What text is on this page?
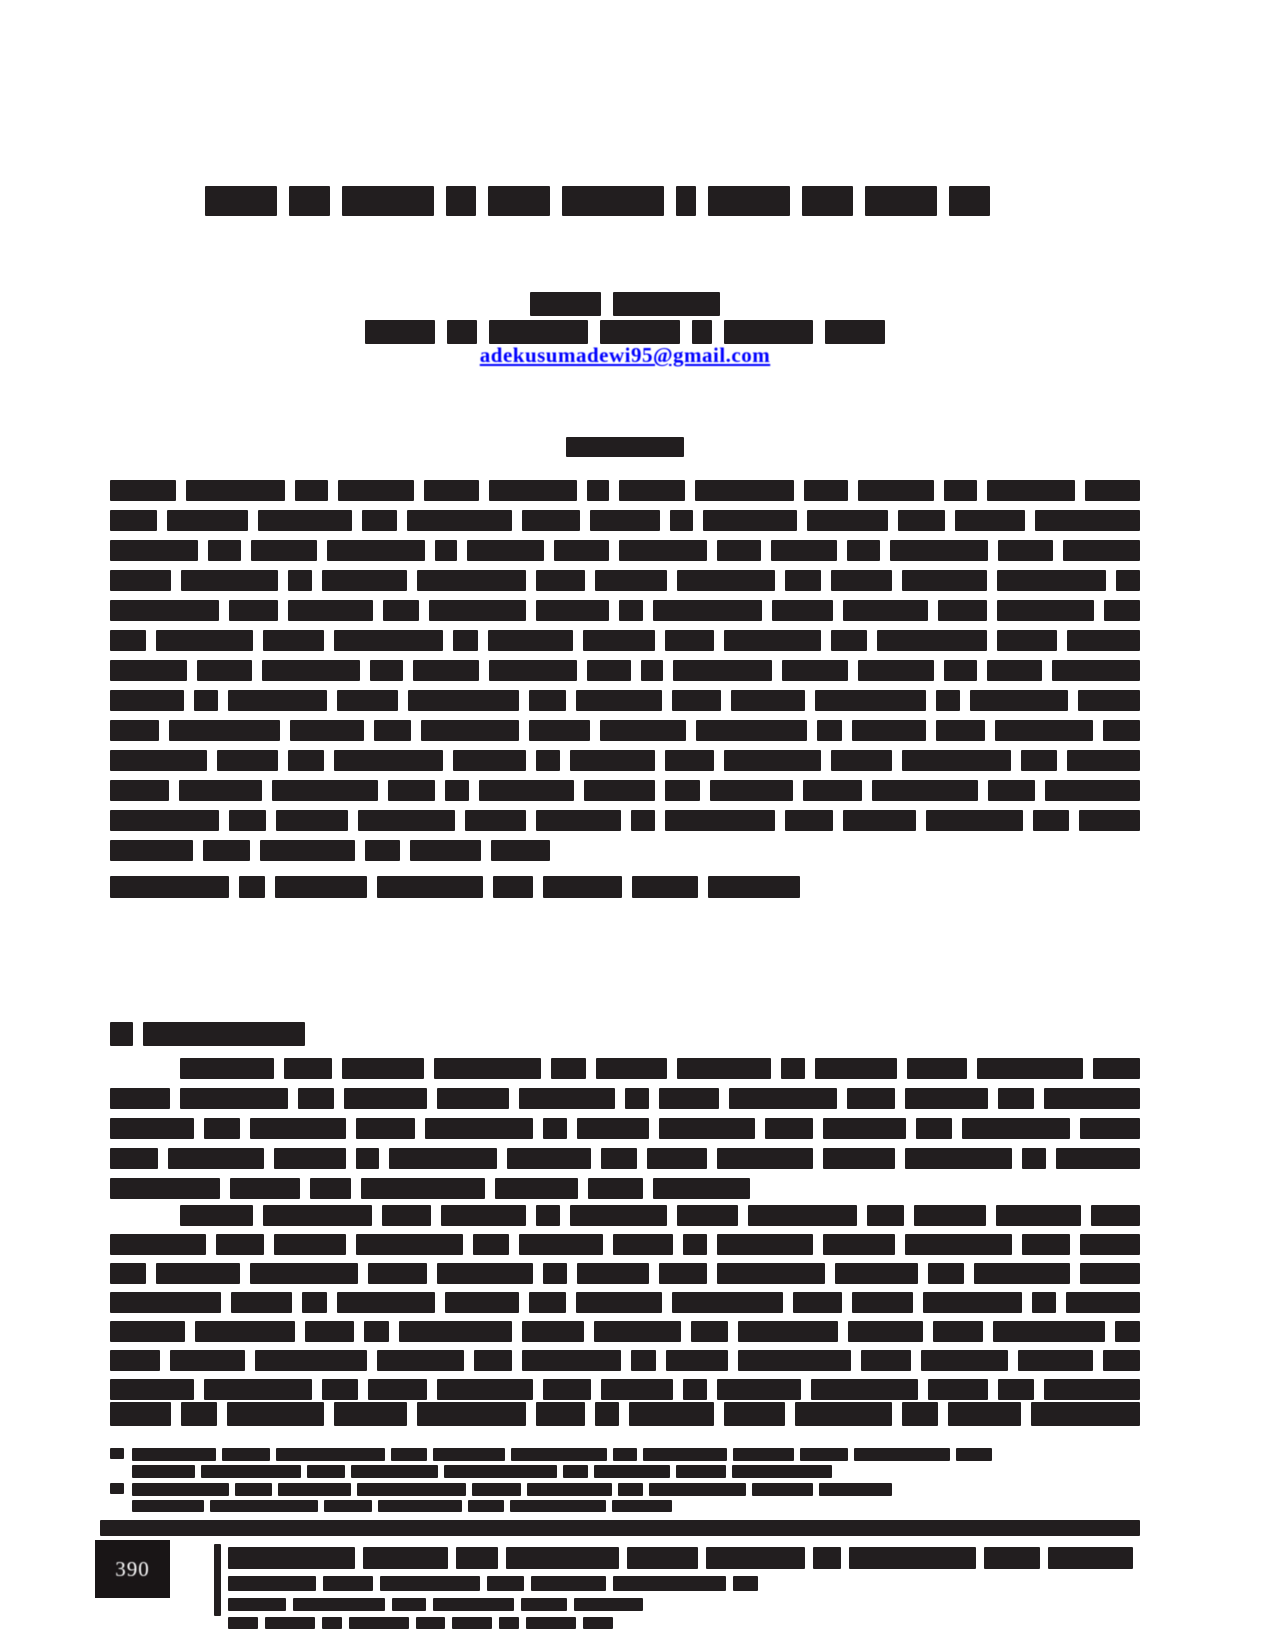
adekusumadewi95@gmail.com
390
